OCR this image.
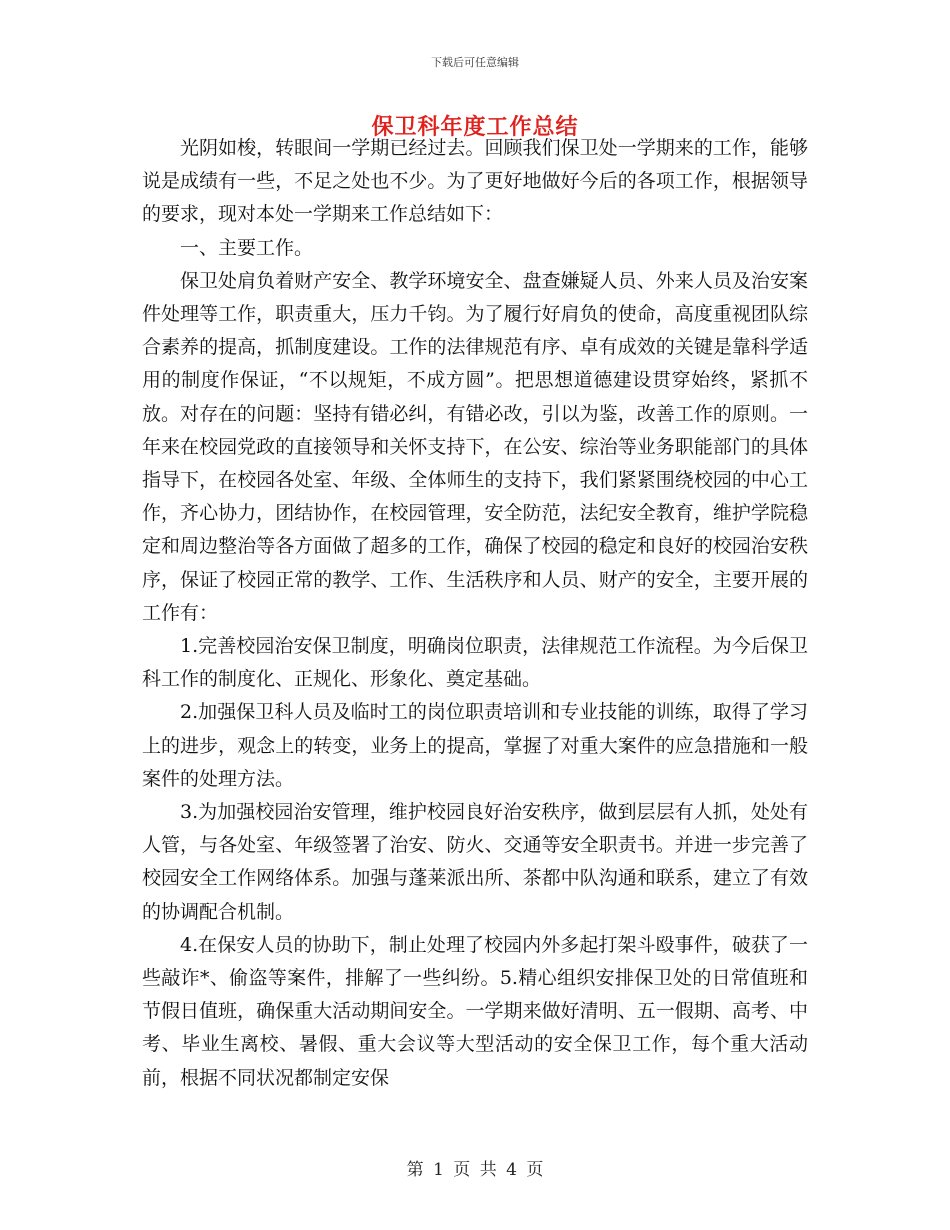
下载后可任意编辑
保卫科年度工作总结

光阴如梭，转眼间一学期已经过去。回顾我们保卫处一学期来的工作，能够说是成绩有一些，不足之处也不少。为了更好地做好今后的各项工作，根据领导的要求，现对本处一学期来工作总结如下：

一、主要工作。

保卫处肩负着财产安全、教学环境安全、盘查嫌疑人员、外来人员及治安案件处理等工作，职责重大，压力千钧。为了履行好肩负的使命，高度重视团队综合素养的提高，抓制度建设。工作的法律规范有序、卓有成效的关键是靠科学适用的制度作保证，“不以规矩，不成方圆”。把思想道德建设贯穿始终，紧抓不放。对存在的问题：坚持有错必纠，有错必改，引以为鉴，改善工作的原则。一年来在校园党政的直接领导和关怀支持下，在公安、综治等业务职能部门的具体指导下，在校园各处室、年级、全体师生的支持下，我们紧紧围绕校园的中心工作，齐心协力，团结协作，在校园管理，安全防范，法纪安全教育，维护学院稳定和周边整治等各方面做了超多的工作，确保了校园的稳定和良好的校园治安秩序，保证了校园正常的教学、工作、生活秩序和人员、财产的安全，主要开展的工作有：

1.完善校园治安保卫制度，明确岗位职责，法律规范工作流程。为今后保卫科工作的制度化、正规化、形象化、奠定基础。

2.加强保卫科人员及临时工的岗位职责培训和专业技能的训练，取得了学习上的进步，观念上的转变，业务上的提高，掌握了对重大案件的应急措施和一般案件的处理方法。

3.为加强校园治安管理，维护校园良好治安秩序，做到层层有人抓，处处有人管，与各处室、年级签署了治安、防火、交通等安全职责书。并进一步完善了校园安全工作网络体系。加强与蓬莱派出所、茶都中队沟通和联系，建立了有效的协调配合机制。

4.在保安人员的协助下，制止处理了校园内外多起打架斗殴事件，破获了一些敲诈*、偷盗等案件，排解了一些纠纷。5.精心组织安排保卫处的日常值班和节假日值班，确保重大活动期间安全。一学期来做好清明、五一假期、高考、中考、毕业生离校、暑假、重大会议等大型活动的安全保卫工作，每个重大活动前，根据不同状况都制定安保

第 1 页 共 4 页
